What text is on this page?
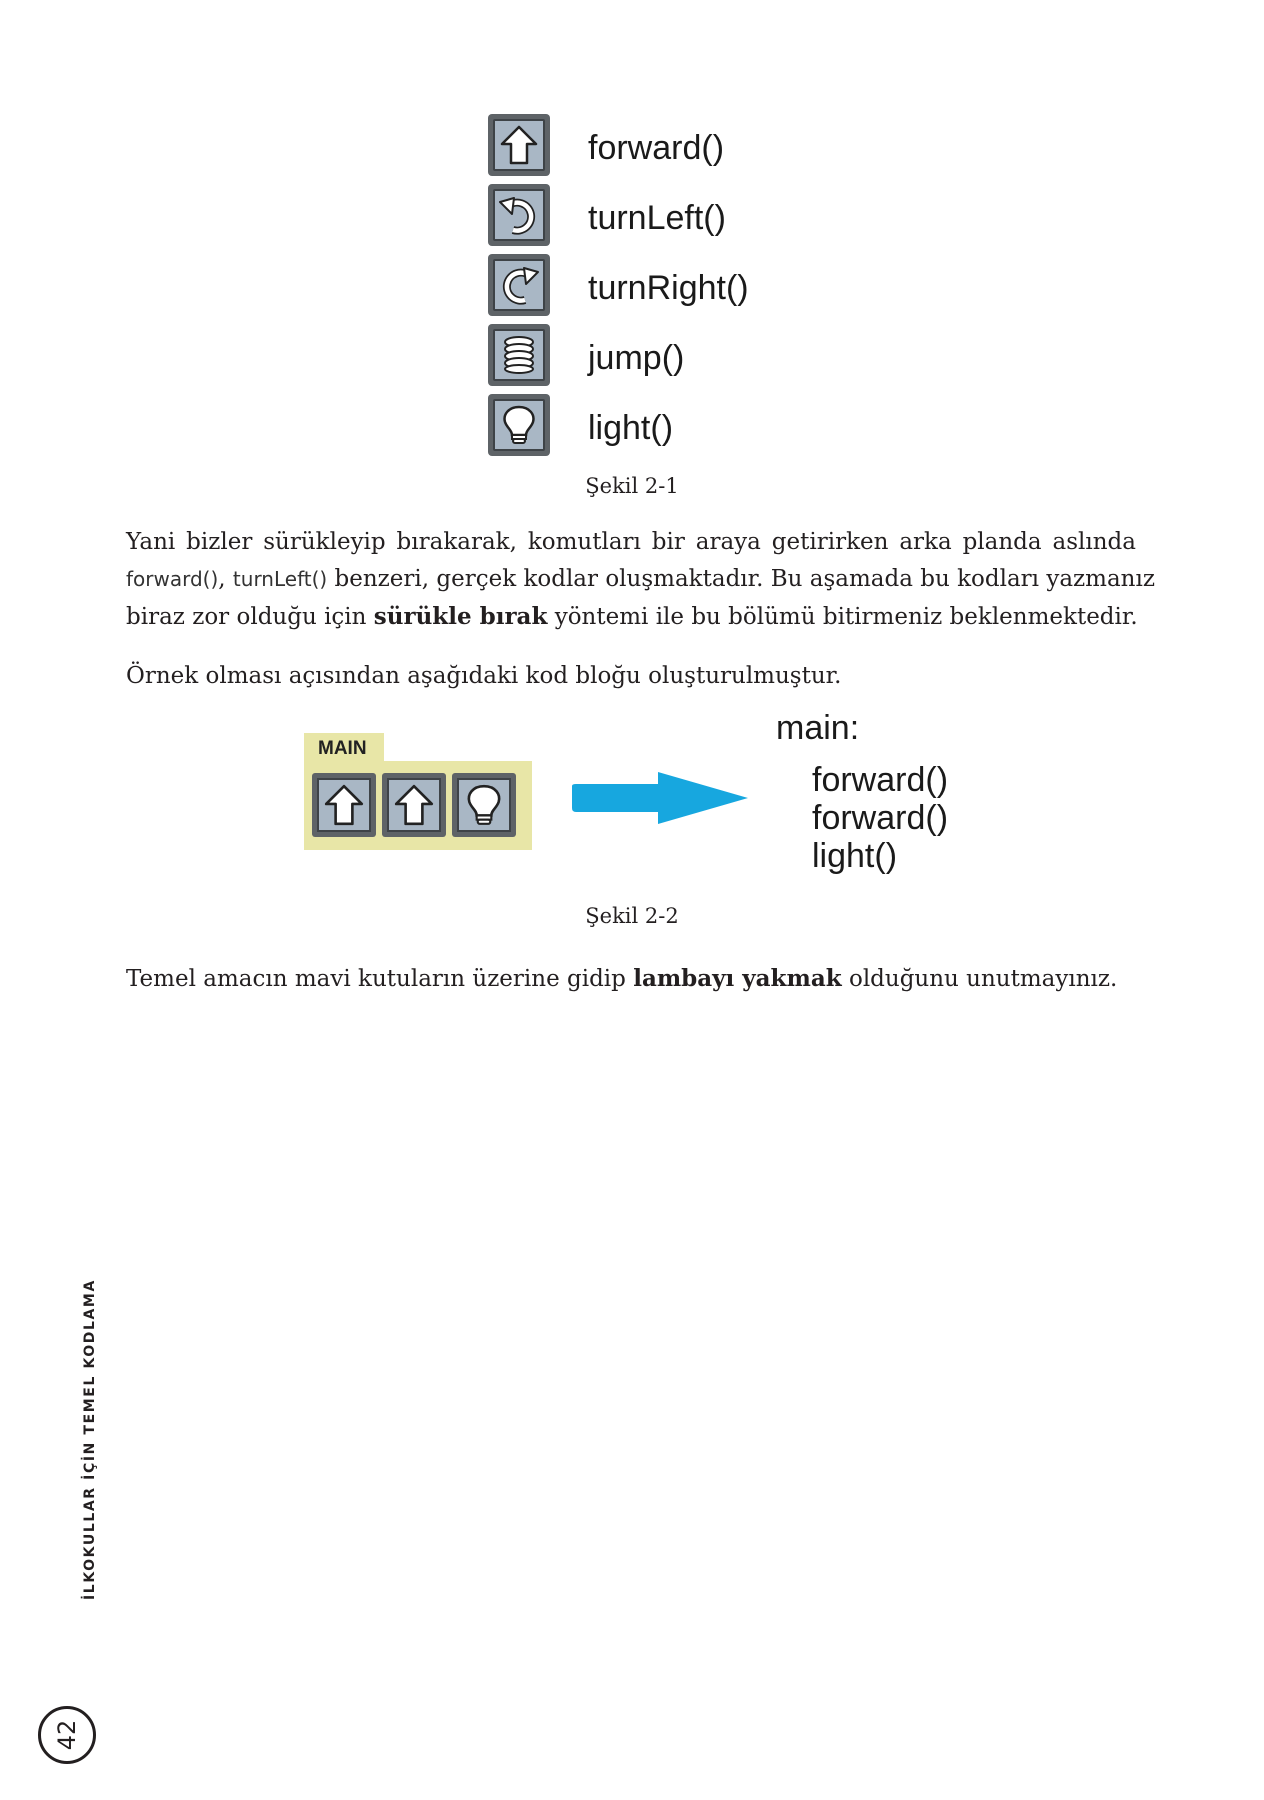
forward()
turnLeft()
turnRight()
jump()
light()
Şekil 2-1
Yani bizler sürükleyip bırakarak, komutları bir araya getirirken arka planda aslında
forward(), turnLeft() benzeri, gerçek kodlar oluşmaktadır. Bu aşamada bu kodları yazmanız
biraz zor olduğu için sürükle bırak yöntemi ile bu bölümü bitirmeniz beklenmektedir.
Örnek olması açısından aşağıdaki kod bloğu oluşturulmuştur.
MAIN
main:
forward()
forward()
light()
Şekil 2-2
Temel amacın mavi kutuların üzerine gidip lambayı yakmak olduğunu unutmayınız.
İLKOKULLAR İÇİN TEMEL KODLAMA
42
